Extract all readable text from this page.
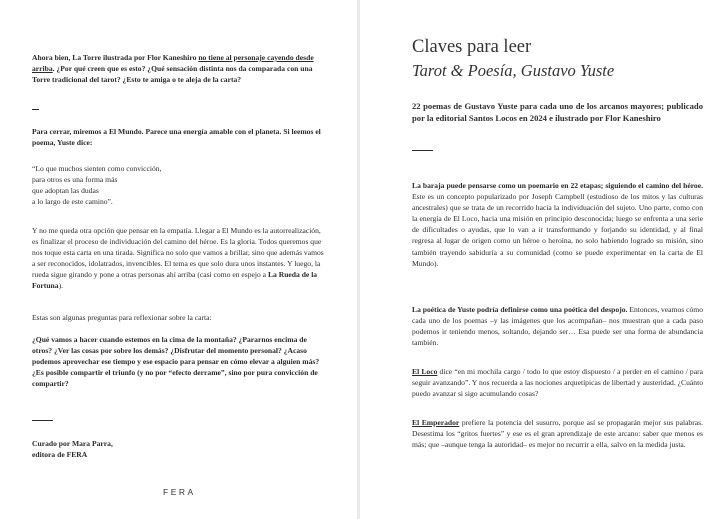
Ahora bien, La Torre ilustrada por Flor Kaneshiro no tiene al personaje cayendo desde arriba. ¿Por qué creen que es esto? ¿Qué sensación distinta nos da comparada con una Torre tradicional del tarot? ¿Esto te amiga o te aleja de la carta?

Para cerrar, miremos a El Mundo. Parece una energía amable con el planeta. Si leemos el poema, Yuste dice:

“Lo que muchos sienten como convicción,
para otros es una forma más
que adoptan las dudas
a lo largo de este camino”.

Y no me queda otra opción que pensar en la empatía. Llegar a El Mundo es la autorrealización, es finalizar el proceso de individuación del camino del héroe. Es la gloria. Todos queremos que nos toque esta carta en una tirada. Significa no solo que vamos a brillar, sino que además vamos a ser reconocidos, idolatrados, invencibles. El tema es que solo dura unos instantes. Y luego, la rueda sigue girando y pone a otras personas ahí arriba (casi como en espejo a La Rueda de la Fortuna).

Estas son algunas preguntas para reflexionar sobre la carta:

¿Qué vamos a hacer cuando estemos en la cima de la montaña? ¿Pararnos encima de otros? ¿Ver las cosas por sobre los demás? ¿Disfrutar del momento personal? ¿Acaso podemos aprovechar ese tiempo y ese espacio para pensar en cómo elevar a alguien más? ¿Es posible compartir el triunfo (y no por “efecto derrame”, sino por pura convicción de compartir?

Curado por Mara Parra,

editora de FERA

FERA
Claves para leer
Tarot & Poesía, Gustavo Yuste

22 poemas de Gustavo Yuste para cada uno de los arcanos mayores; publicado por la editorial Santos Locos en 2024 e ilustrado por Flor Kaneshiro

La baraja puede pensarse como un poemario en 22 etapas; siguiendo el camino del héroe. Este es un concepto popularizado por Joseph Campbell (estudioso de los mitos y las culturas ancestrales) que se trata de un recorrido hacia la individuación del sujeto. Uno parte, como con la energía de El Loco, hacia una misión en principio desconocida; luego se enfrenta a una serie de dificultades o ayudas, que lo van a ir transformando y forjando su identidad, y al final regresa al lugar de origen como un héroe o heroína, no solo habiendo logrado su misión, sino también trayendo sabiduría a su comunidad (como se puede experimentar en la carta de El Mundo).

La poética de Yuste podría definirse como una poética del despojo. Entonces, veamos cómo cada uno de los poemas –y las imágenes que los acompañan– nos muestran que a cada paso podemos ir teniendo menos, soltando, dejando ser… Esa puede ser una forma de abundancia también.

El Loco dice “en mi mochila cargo / todo lo que estoy dispuesto / a perder en el camino / para seguir avanzando”. Y nos recuerda a las nociones arquetípicas de libertad y austeridad. ¿Cuánto puedo avanzar si sigo acumulando cosas?

El Emperador prefiere la potencia del susurro, porque así se propagarán mejor sus palabras. Desestima los “gritos fuertes” y ese es el gran aprendizaje de este arcano: saber que menos es más; que –aunque tenga la autoridad– es mejor no recurrir a ella, salvo en la medida justa.
